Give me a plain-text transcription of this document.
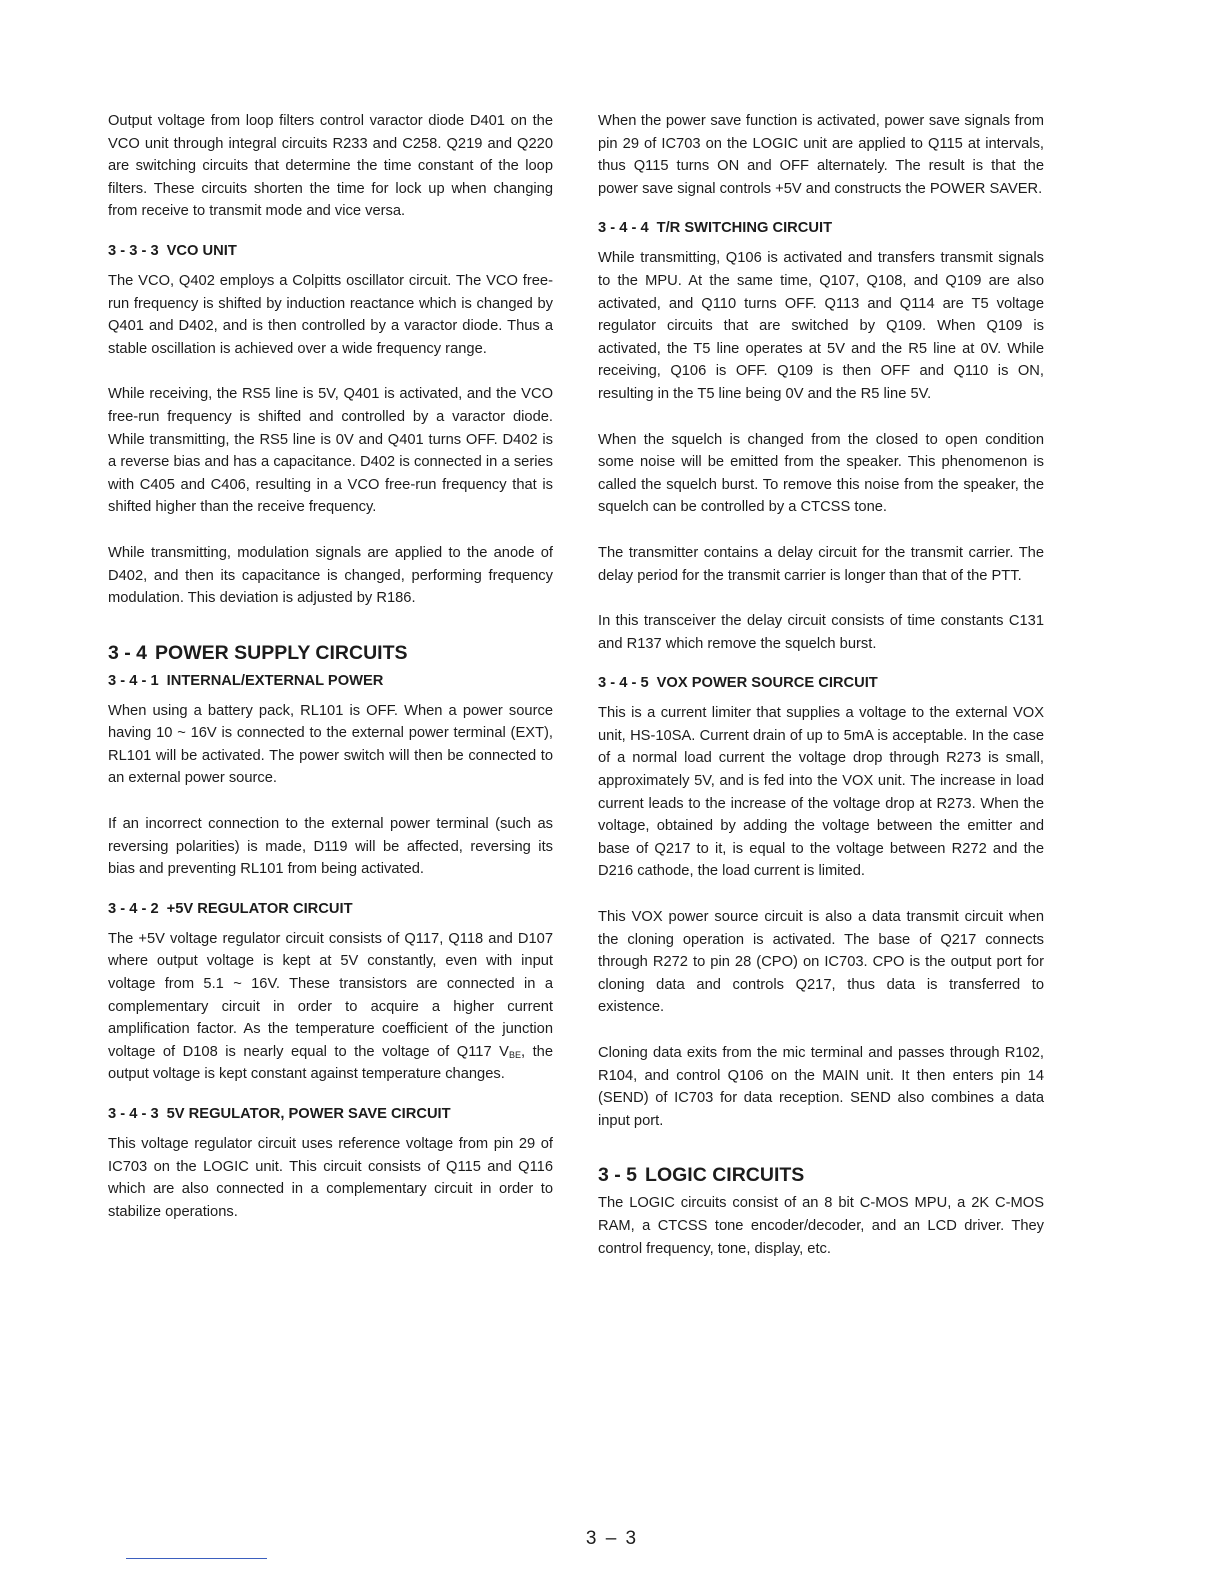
Output voltage from loop filters control varactor diode D401 on the VCO unit through integral circuits R233 and C258. Q219 and Q220 are switching circuits that determine the time constant of the loop filters. These circuits shorten the time for lock up when changing from receive to transmit mode and vice versa.

3 - 3 - 3 VCO UNIT

The VCO, Q402 employs a Colpitts oscillator circuit. The VCO free-run frequency is shifted by induction reactance which is changed by Q401 and D402, and is then controlled by a varactor diode. Thus a stable oscillation is achieved over a wide frequency range.

While receiving, the RS5 line is 5V, Q401 is activated, and the VCO free-run frequency is shifted and controlled by a varactor diode. While transmitting, the RS5 line is 0V and Q401 turns OFF. D402 is a reverse bias and has a capacitance. D402 is connected in a series with C405 and C406, resulting in a VCO free-run frequency that is shifted higher than the receive frequency.

While transmitting, modulation signals are applied to the anode of D402, and then its capacitance is changed, performing frequency modulation. This deviation is adjusted by R186.

3 - 4 POWER SUPPLY CIRCUITS
3 - 4 - 1 INTERNAL/EXTERNAL POWER

When using a battery pack, RL101 is OFF. When a power source having 10 ~ 16V is connected to the external power terminal (EXT), RL101 will be activated. The power switch will then be connected to an external power source.

If an incorrect connection to the external power terminal (such as reversing polarities) is made, D119 will be affected, reversing its bias and preventing RL101 from being activated.

3 - 4 - 2 +5V REGULATOR CIRCUIT

The +5V voltage regulator circuit consists of Q117, Q118 and D107 where output voltage is kept at 5V constantly, even with input voltage from 5.1 ~ 16V. These transistors are connected in a complementary circuit in order to acquire a higher current amplification factor. As the temperature coefficient of the junction voltage of D108 is nearly equal to the voltage of Q117 $V_{BE}$, the output voltage is kept constant against temperature changes.

3 - 4 - 3 5V REGULATOR, POWER SAVE CIRCUIT

This voltage regulator circuit uses reference voltage from pin 29 of IC703 on the LOGIC unit. This circuit consists of Q115 and Q116 which are also connected in a complementary circuit in order to stabilize operations.

When the power save function is activated, power save signals from pin 29 of IC703 on the LOGIC unit are applied to Q115 at intervals, thus Q115 turns ON and OFF alternately. The result is that the power save signal controls +5V and constructs the POWER SAVER.

3 - 4 - 4 T/R SWITCHING CIRCUIT

While transmitting, Q106 is activated and transfers transmit signals to the MPU. At the same time, Q107, Q108, and Q109 are also activated, and Q110 turns OFF. Q113 and Q114 are T5 voltage regulator circuits that are switched by Q109. When Q109 is activated, the T5 line operates at 5V and the R5 line at 0V. While receiving, Q106 is OFF. Q109 is then OFF and Q110 is ON, resulting in the T5 line being 0V and the R5 line 5V.

When the squelch is changed from the closed to open condition some noise will be emitted from the speaker. This phenomenon is called the squelch burst. To remove this noise from the speaker, the squelch can be controlled by a CTCSS tone.

The transmitter contains a delay circuit for the transmit carrier. The delay period for the transmit carrier is longer than that of the PTT.

In this transceiver the delay circuit consists of time constants C131 and R137 which remove the squelch burst.

3 - 4 - 5 VOX POWER SOURCE CIRCUIT

This is a current limiter that supplies a voltage to the external VOX unit, HS-10SA. Current drain of up to 5mA is acceptable. In the case of a normal load current the voltage drop through R273 is small, approximately 5V, and is fed into the VOX unit. The increase in load current leads to the increase of the voltage drop at R273. When the voltage, obtained by adding the voltage between the emitter and base of Q217 to it, is equal to the voltage between R272 and the D216 cathode, the load current is limited.

This VOX power source circuit is also a data transmit circuit when the cloning operation is activated. The base of Q217 connects through R272 to pin 28 (CPO) on IC703. CPO is the output port for cloning data and controls Q217, thus data is transferred to existence.

Cloning data exits from the mic terminal and passes through R102, R104, and control Q106 on the MAIN unit. It then enters pin 14 (SEND) of IC703 for data reception. SEND also combines a data input port.

3 - 5 LOGIC CIRCUITS

The LOGIC circuits consist of an 8 bit C-MOS MPU, a 2K C-MOS RAM, a CTCSS tone encoder/decoder, and an LCD driver. They control frequency, tone, display, etc.

3 – 3
